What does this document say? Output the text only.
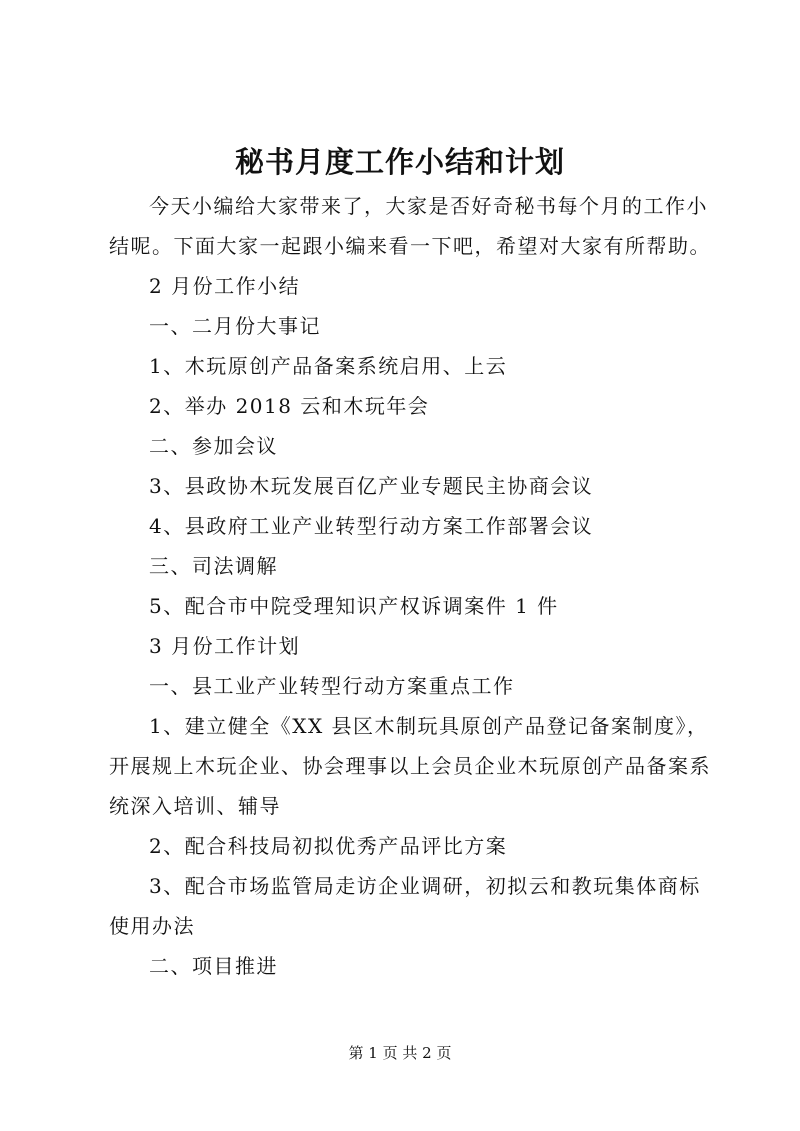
秘书月度工作小结和计划
今天小编给大家带来了，大家是否好奇秘书每个月的工作小
结呢。下面大家一起跟小编来看一下吧，希望对大家有所帮助。
2 月份工作小结
一、二月份大事记
1、木玩原创产品备案系统启用、上云
2、举办 2018 云和木玩年会
二、参加会议
3、县政协木玩发展百亿产业专题民主协商会议
4、县政府工业产业转型行动方案工作部署会议
三、司法调解
5、配合市中院受理知识产权诉调案件 1 件
3 月份工作计划
一、县工业产业转型行动方案重点工作
1、建立健全《XX 县区木制玩具原创产品登记备案制度》，
开展规上木玩企业、协会理事以上会员企业木玩原创产品备案系
统深入培训、辅导
2、配合科技局初拟优秀产品评比方案
3、配合市场监管局走访企业调研，初拟云和教玩集体商标
使用办法
二、项目推进
第 1 页 共 2 页
